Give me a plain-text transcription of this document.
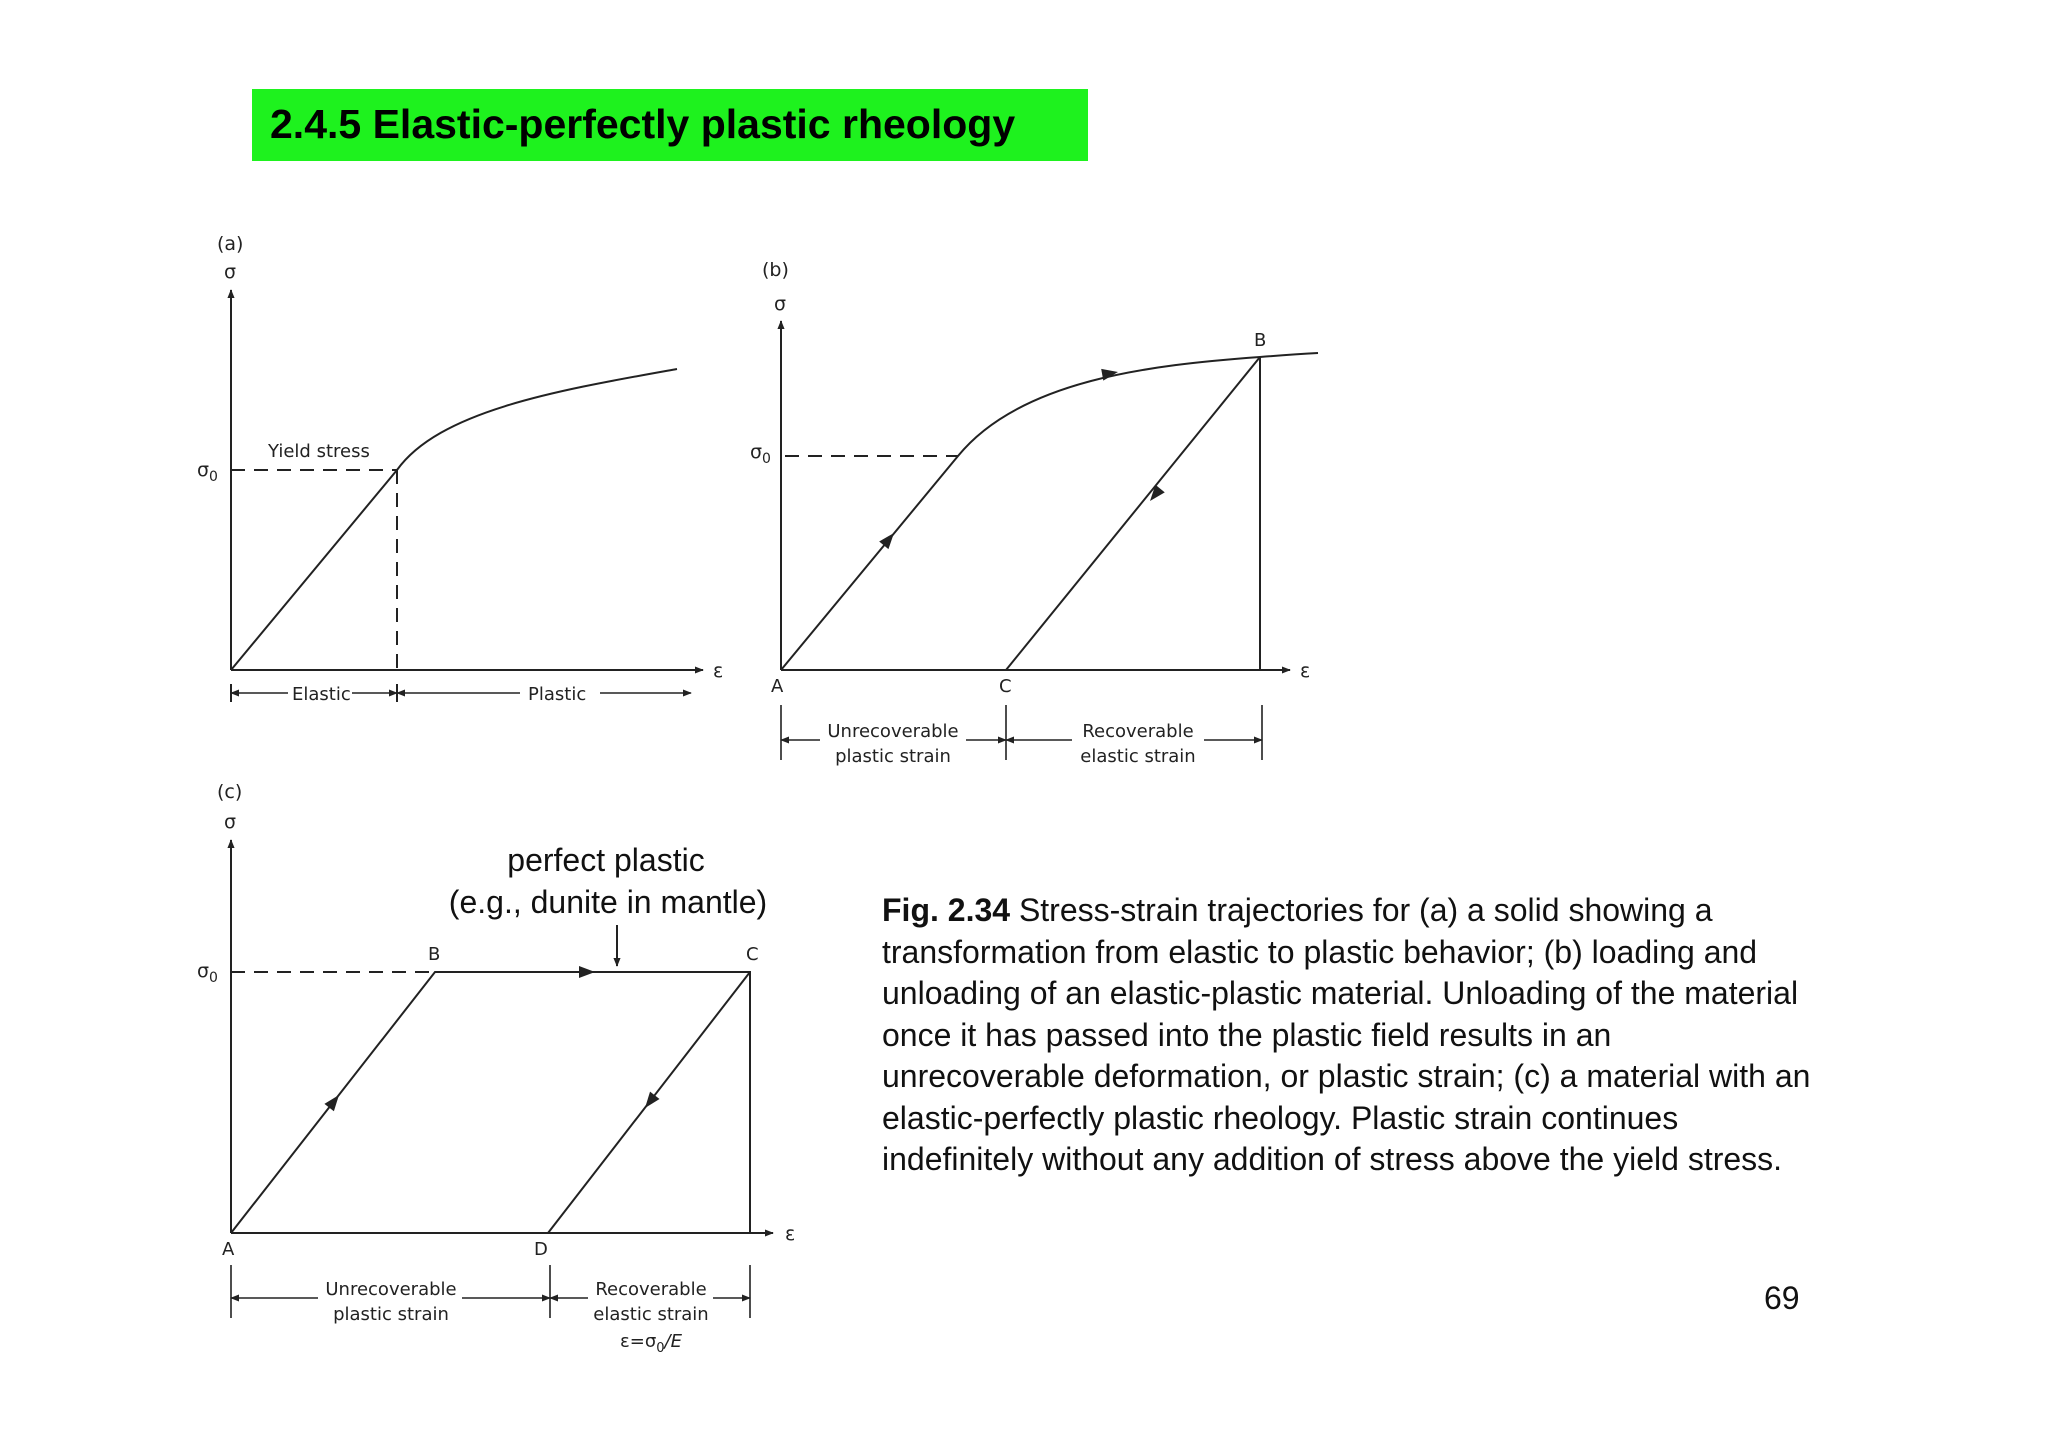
2.4.5 Elastic-perfectly plastic rheology
(a)
σ
ε
$\sigma_0$
Yield stress
Elastic	Plastic
(b)
σ
ε
$\sigma_0$
A
B
C
Unrecoverable
plastic strain
Recoverable
elastic strain
(c)
σ
ε
$\sigma_0$
perfect plastic
(e.g., dunite in mantle)
A
B	C
D
Unrecoverable
plastic strain
Recoverable
elastic strain
$\varepsilon=\sigma_0/E$
Fig. 2.34 Stress-strain trajectories for (a) a solid showing a transformation from elastic to plastic behavior; (b) loading and unloading of an elastic-plastic material. Unloading of the material once it has passed into the plastic field results in an unrecoverable deformation, or plastic strain; (c) a material with an elastic-perfectly plastic rheology. Plastic strain continues indefinitely without any addition of stress above the yield stress.
69
